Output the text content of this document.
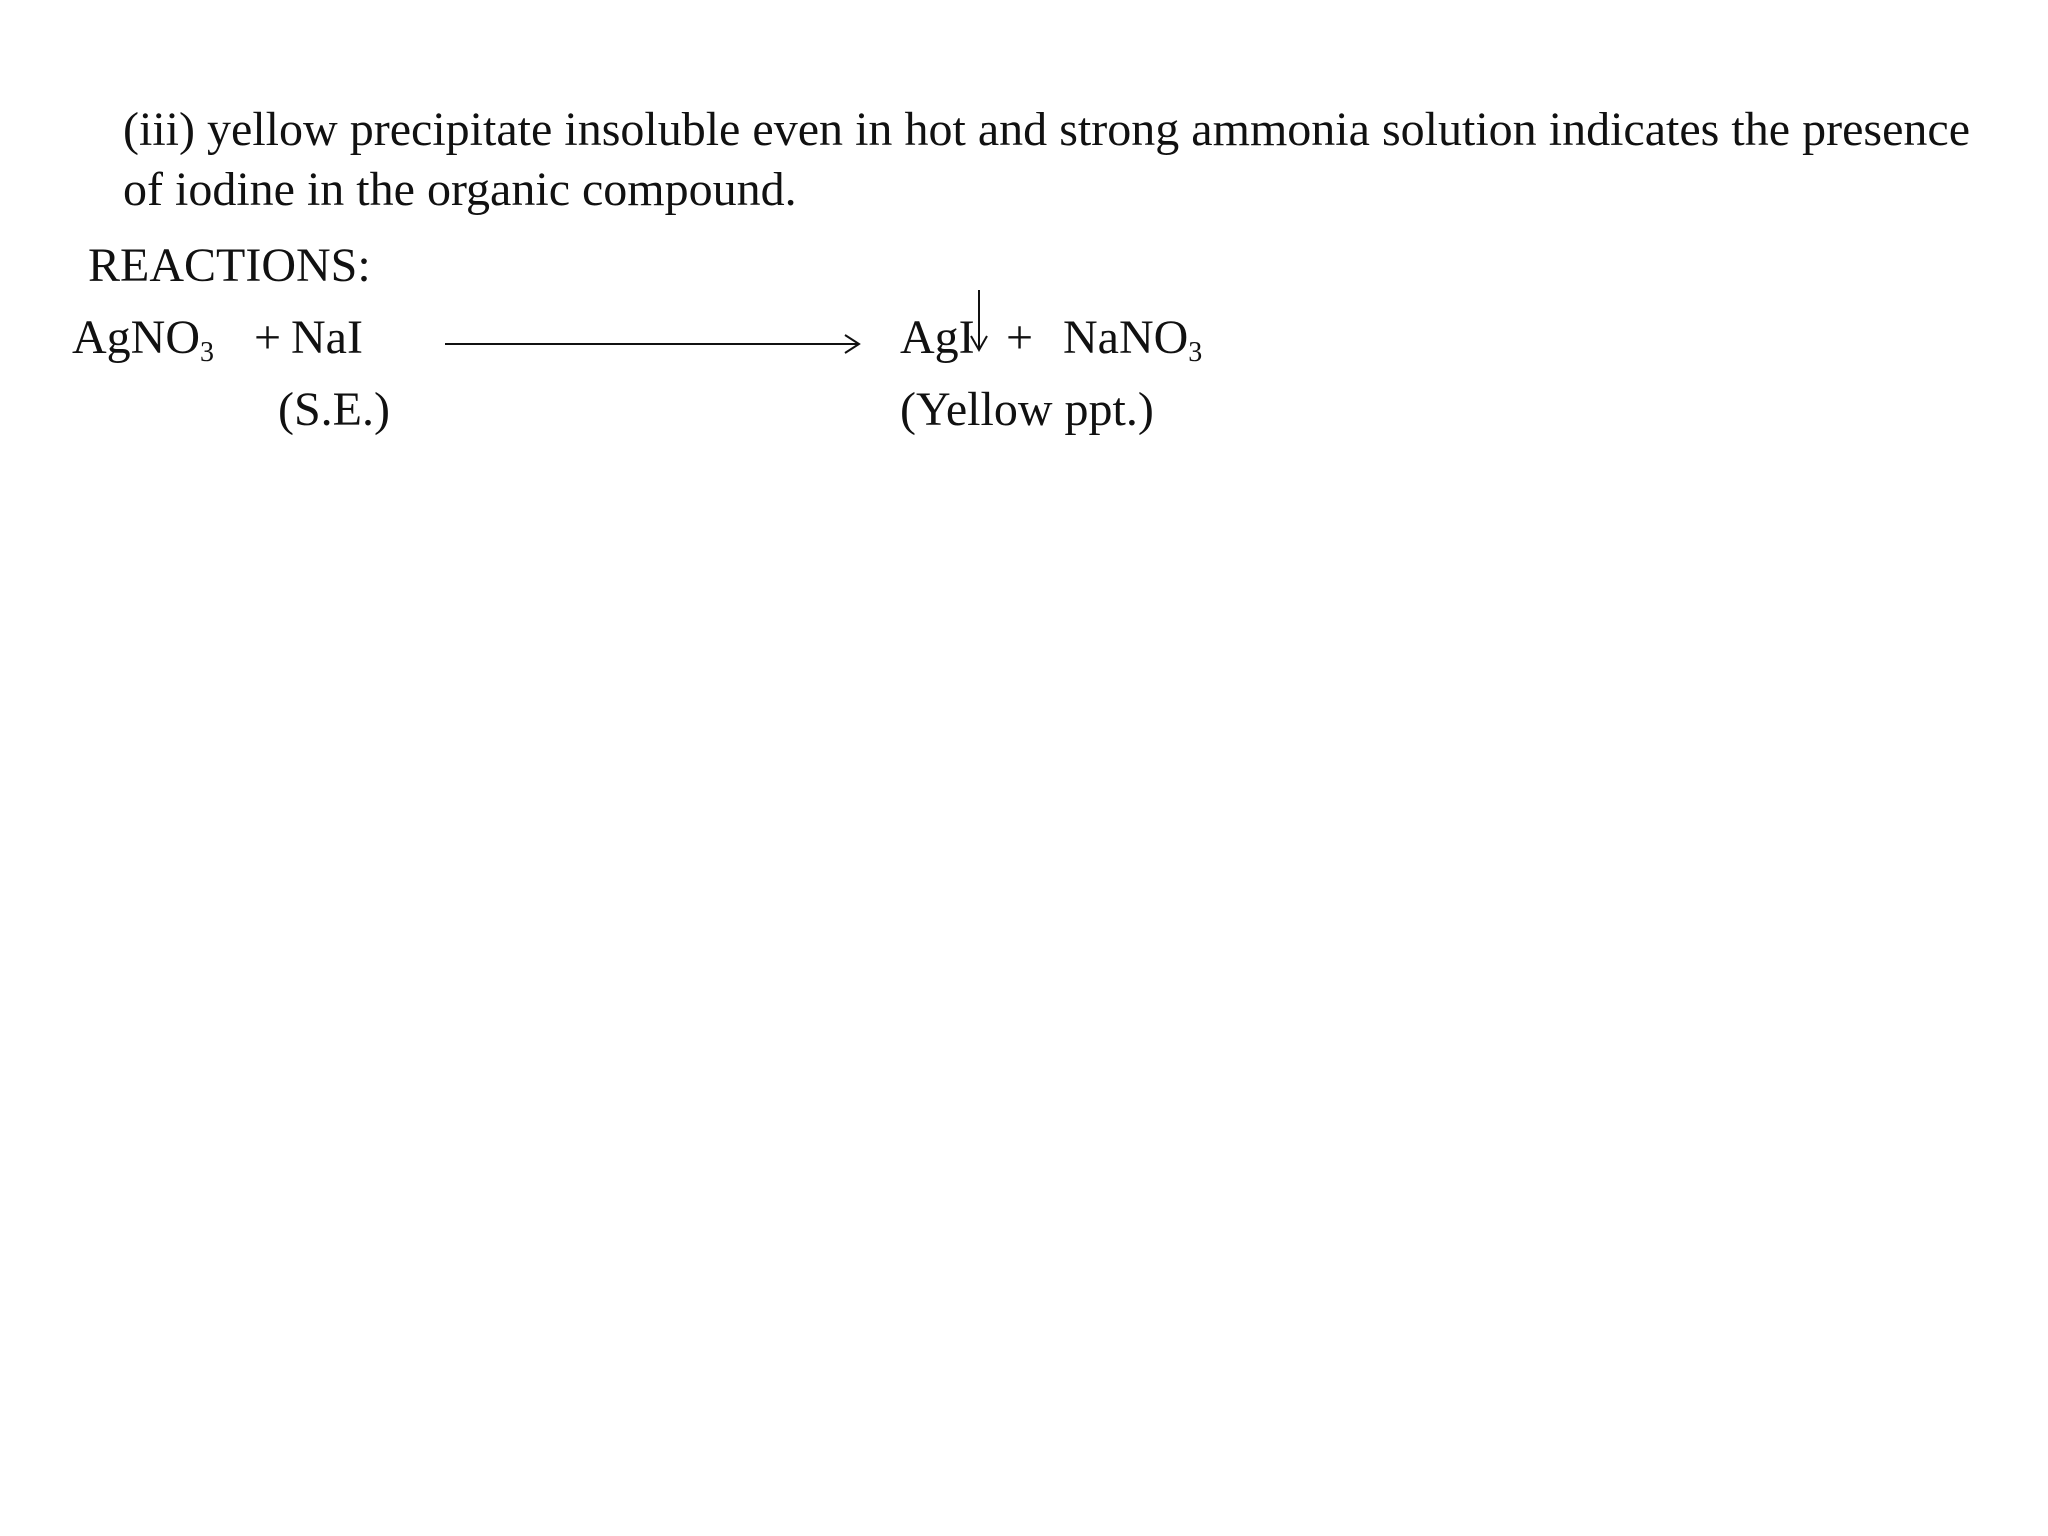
(iii) yellow precipitate insoluble even in hot and strong ammonia solution indicates the presence of iodine in the organic compound.

REACTIONS:
AgNO$_3$ + NaI
(S.E.)
AgI + NaNO$_3$
(Yellow ppt.)
